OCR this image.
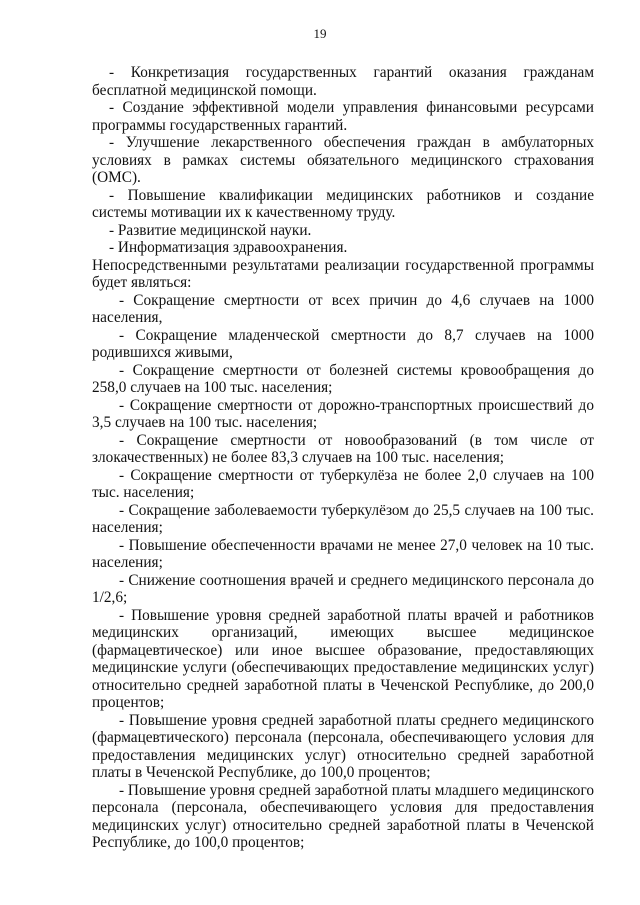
19

- Конкретизация государственных гарантий оказания гражданам бесплатной медицинской помощи.

- Создание эффективной модели управления финансовыми ресурсами программы государственных гарантий.

- Улучшение лекарственного обеспечения граждан в амбулаторных условиях в рамках системы обязательного медицинского страхования (ОМС).

- Повышение квалификации медицинских работников и создание системы мотивации их к качественному труду.

- Развитие медицинской науки.

- Информатизация здравоохранения.

Непосредственными результатами реализации государственной программы будет являться:

- Сокращение смертности от всех причин до 4,6 случаев на 1000 населения,

- Сокращение младенческой смертности до 8,7 случаев на 1000 родившихся живыми,

- Сокращение смертности от болезней системы кровообращения до 258,0 случаев на 100 тыс. населения;

- Сокращение смертности от дорожно-транспортных происшествий до 3,5 случаев на 100 тыс. населения;

- Сокращение смертности от новообразований (в том числе от злокачественных) не более 83,3 случаев на 100 тыс. населения;

- Сокращение смертности от туберкулёза не более 2,0 случаев на 100 тыс. населения;

- Сокращение заболеваемости туберкулёзом до 25,5 случаев на 100 тыс. населения;

- Повышение обеспеченности врачами не менее 27,0 человек на 10 тыс. населения;

- Снижение соотношения врачей и среднего медицинского персонала до 1/2,6;

- Повышение уровня средней заработной платы врачей и работников медицинских организаций, имеющих высшее медицинское (фармацевтическое) или иное высшее образование, предоставляющих медицинские услуги (обеспечивающих предоставление медицинских услуг) относительно средней заработной платы в Чеченской Республике, до 200,0 процентов;

- Повышение уровня средней заработной платы среднего медицинского (фармацевтического) персонала (персонала, обеспечивающего условия для предоставления медицинских услуг) относительно средней заработной платы в Чеченской Республике, до 100,0 процентов;

- Повышение уровня средней заработной платы младшего медицинского персонала (персонала, обеспечивающего условия для предоставления медицинских услуг) относительно средней заработной платы в Чеченской Республике, до 100,0 процентов;
